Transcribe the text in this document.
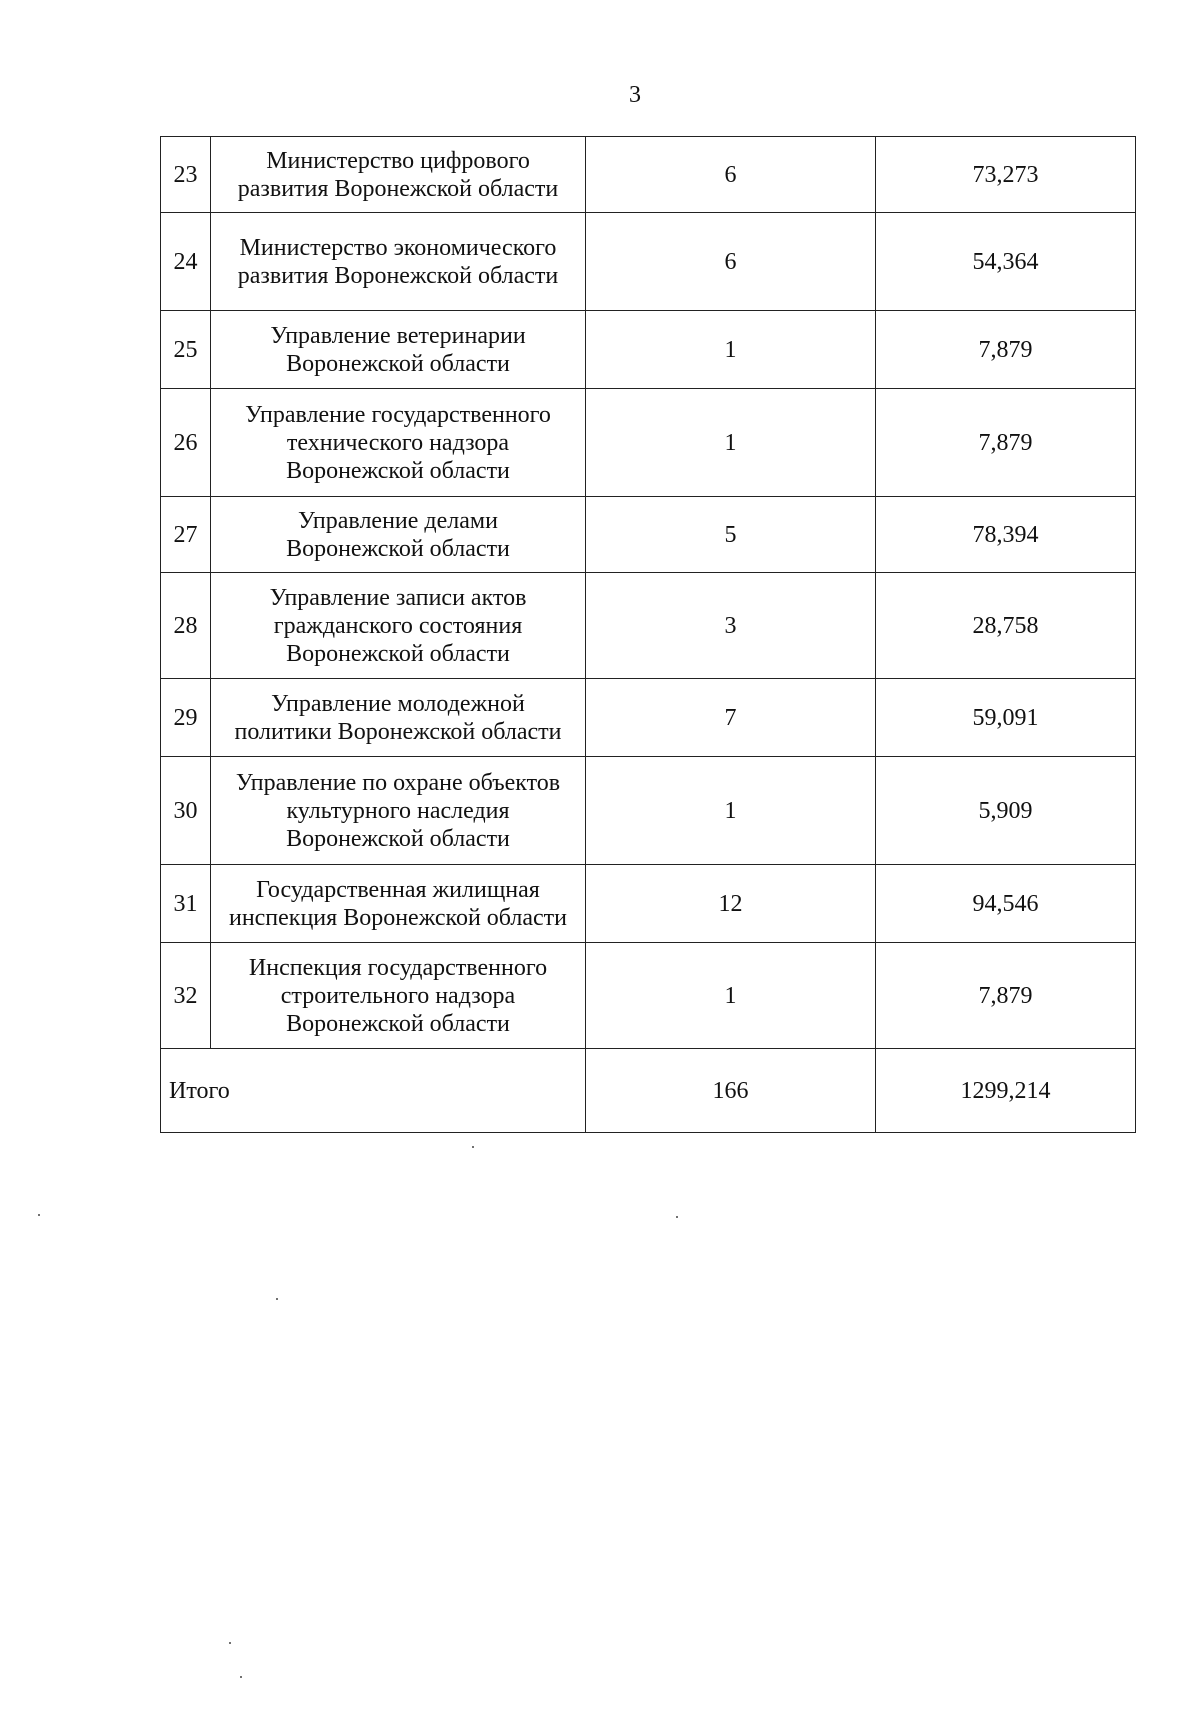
3
23	Министерство цифрового
развития Воронежской области	6	73,273
24	Министерство экономического
развития Воронежской области	6	54,364
25	Управление ветеринарии
Воронежской области	1	7,879
26	Управление государственного
технического надзора
Воронежской области	1	7,879
27	Управление делами
Воронежской области	5	78,394
28	Управление записи актов
гражданского состояния
Воронежской области	3	28,758
29	Управление молодежной
политики Воронежской области	7	59,091
30	Управление по охране объектов
культурного наследия
Воронежской области	1	5,909
31	Государственная жилищная
инспекция Воронежской области	12	94,546
32	Инспекция государственного
строительного надзора
Воронежской области	1	7,879
Итого		166	1299,214
